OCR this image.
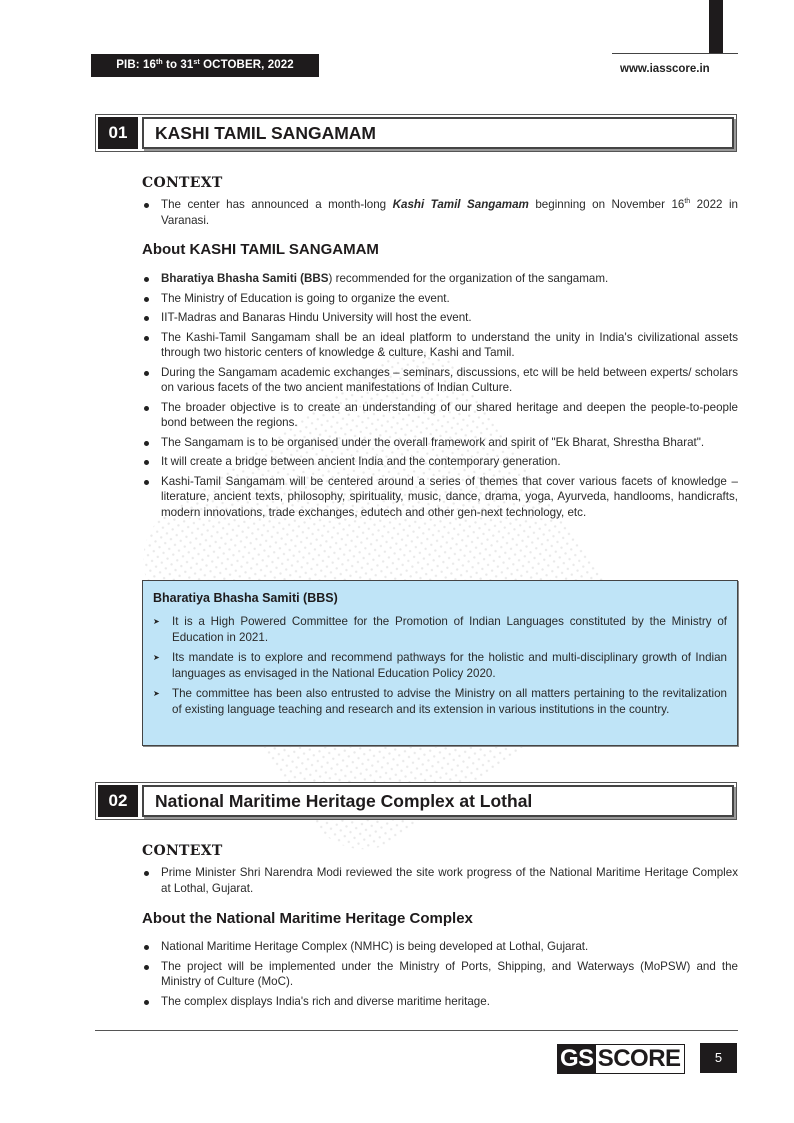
PIB: 16th to 31st OCTOBER, 2022	www.iasscore.in
01	KASHI TAMIL SANGAMAM
CONTEXT
The center has announced a month-long Kashi Tamil Sangamam beginning on November 16th 2022 in Varanasi.
About KASHI TAMIL SANGAMAM
Bharatiya Bhasha Samiti (BBS) recommended for the organization of the sangamam.
The Ministry of Education is going to organize the event.
IIT-Madras and Banaras Hindu University will host the event.
The Kashi-Tamil Sangamam shall be an ideal platform to understand the unity in India's civilizational assets through two historic centers of knowledge & culture, Kashi and Tamil.
During the Sangamam academic exchanges – seminars, discussions, etc will be held between experts/ scholars on various facets of the two ancient manifestations of Indian Culture.
The broader objective is to create an understanding of our shared heritage and deepen the people-to-people bond between the regions.
The Sangamam is to be organised under the overall framework and spirit of "Ek Bharat, Shrestha Bharat".
It will create a bridge between ancient India and the contemporary generation.
Kashi-Tamil Sangamam will be centered around a series of themes that cover various facets of knowledge – literature, ancient texts, philosophy, spirituality, music, dance, drama, yoga, Ayurveda, handlooms, handicrafts, modern innovations, trade exchanges, edutech and other gen-next technology, etc.
Bharatiya Bhasha Samiti (BBS)
➤ It is a High Powered Committee for the Promotion of Indian Languages constituted by the Ministry of Education in 2021.
➤ Its mandate is to explore and recommend pathways for the holistic and multi-disciplinary growth of Indian languages as envisaged in the National Education Policy 2020.
➤ The committee has been also entrusted to advise the Ministry on all matters pertaining to the revitalization of existing language teaching and research and its extension in various institutions in the country.
02	National Maritime Heritage Complex at Lothal
CONTEXT
Prime Minister Shri Narendra Modi reviewed the site work progress of the National Maritime Heritage Complex at Lothal, Gujarat.
About the National Maritime Heritage Complex
National Maritime Heritage Complex (NMHC) is being developed at Lothal, Gujarat.
The project will be implemented under the Ministry of Ports, Shipping, and Waterways (MoPSW) and the Ministry of Culture (MoC).
The complex displays India's rich and diverse maritime heritage.
GS SCORE	5
